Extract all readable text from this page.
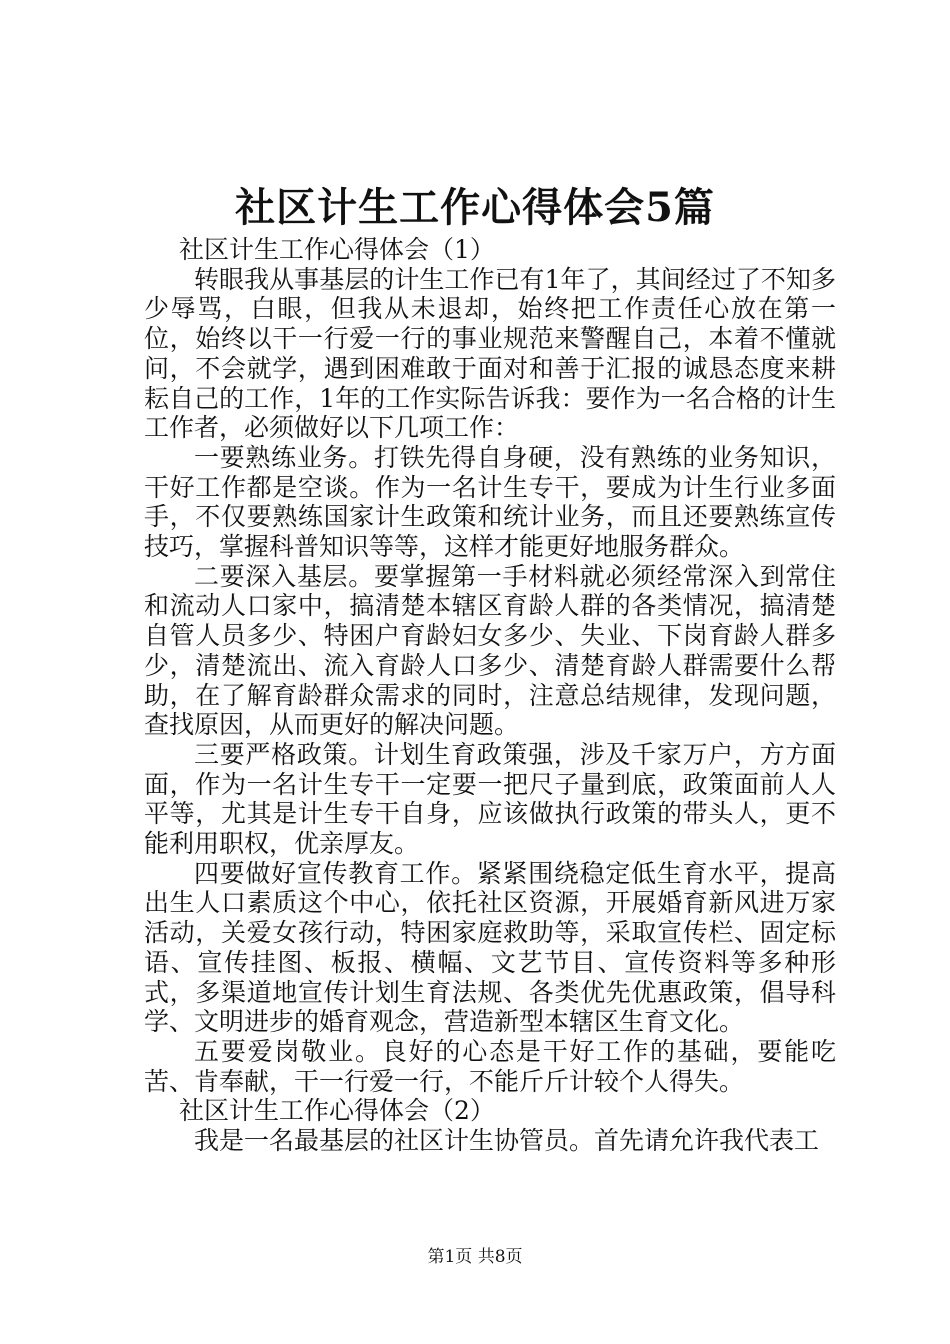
社区计生工作心得体会5篇

社区计生工作心得体会（1）

转眼我从事基层的计生工作已有1年了，其间经过了不知多少辱骂，白眼，但我从未退却，始终把工作责任心放在第一位，始终以干一行爱一行的事业规范来警醒自己，本着不懂就问，不会就学，遇到困难敢于面对和善于汇报的诚恳态度来耕耘自己的工作，1年的工作实际告诉我：要作为一名合格的计生工作者，必须做好以下几项工作：

一要熟练业务。打铁先得自身硬，没有熟练的业务知识，干好工作都是空谈。作为一名计生专干，要成为计生行业多面手，不仅要熟练国家计生政策和统计业务，而且还要熟练宣传技巧，掌握科普知识等等，这样才能更好地服务群众。

二要深入基层。要掌握第一手材料就必须经常深入到常住和流动人口家中，搞清楚本辖区育龄人群的各类情况，搞清楚自管人员多少、特困户育龄妇女多少、失业、下岗育龄人群多少，清楚流出、流入育龄人口多少、清楚育龄人群需要什么帮助，在了解育龄群众需求的同时，注意总结规律，发现问题，查找原因，从而更好的解决问题。

三要严格政策。计划生育政策强，涉及千家万户，方方面面，作为一名计生专干一定要一把尺子量到底，政策面前人人平等，尤其是计生专干自身，应该做执行政策的带头人，更不能利用职权，优亲厚友。

四要做好宣传教育工作。紧紧围绕稳定低生育水平，提高出生人口素质这个中心，依托社区资源，开展婚育新风进万家活动，关爱女孩行动，特困家庭救助等，采取宣传栏、固定标语、宣传挂图、板报、横幅、文艺节目、宣传资料等多种形式，多渠道地宣传计划生育法规、各类优先优惠政策，倡导科学、文明进步的婚育观念，营造新型本辖区生育文化。

五要爱岗敬业。良好的心态是干好工作的基础，要能吃苦、肯奉献，干一行爱一行，不能斤斤计较个人得失。

社区计生工作心得体会（2）

我是一名最基层的社区计生协管员。首先请允许我代表工

第1页 共8页
